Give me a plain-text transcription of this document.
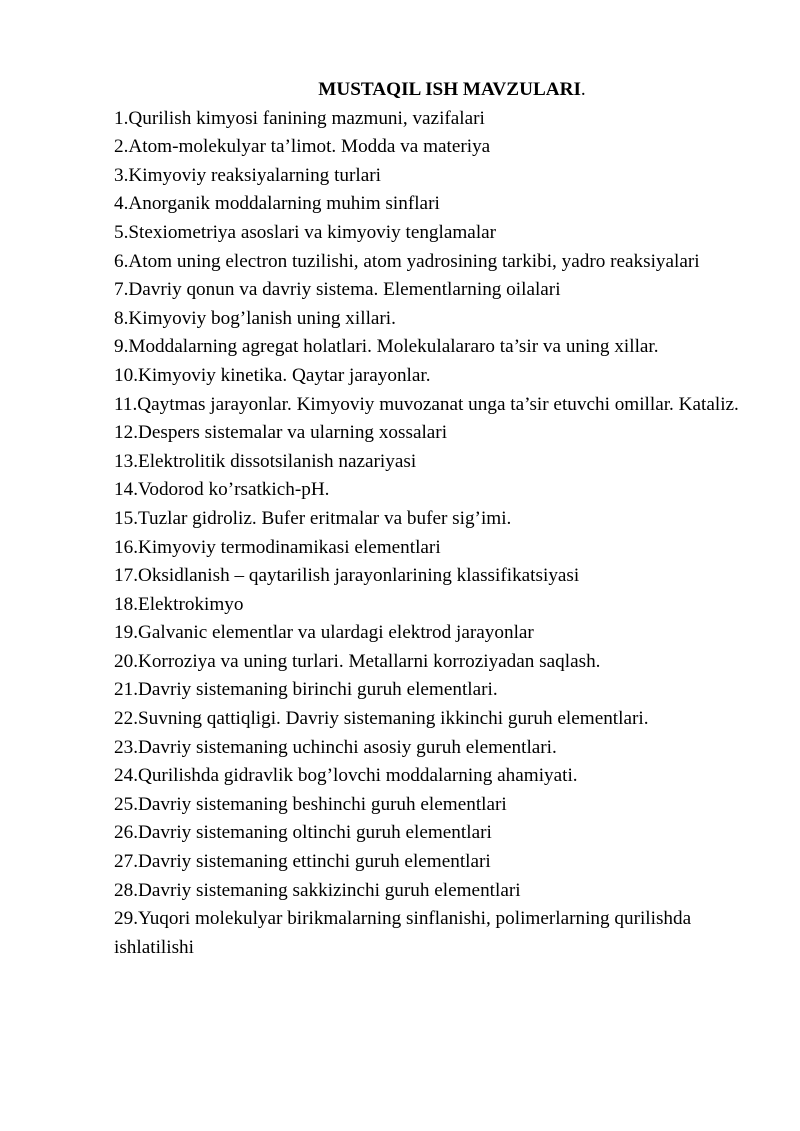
MUSTAQIL ISH MAVZULARI.

1.Qurilish kimyosi fanining mazmuni, vazifalari
2.Atom-molekulyar ta’limot. Modda va materiya
3.Kimyoviy reaksiyalarning turlari
4.Anorganik moddalarning muhim sinflari
5.Stexiometriya asoslari va kimyoviy tenglamalar
6.Atom uning electron tuzilishi, atom yadrosining tarkibi, yadro reaksiyalari
7.Davriy qonun va davriy sistema. Elementlarning oilalari
8.Kimyoviy bog’lanish uning xillari.
9.Moddalarning agregat holatlari. Molekulalararo ta’sir va uning xillar.
10.Kimyoviy kinetika. Qaytar jarayonlar.
11.Qaytmas jarayonlar. Kimyoviy muvozanat unga ta’sir etuvchi omillar. Kataliz.
12.Despers sistemalar va ularning xossalari
13.Elektrolitik dissotsilanish nazariyasi
14.Vodorod ko’rsatkich-pH.
15.Tuzlar gidroliz. Bufer eritmalar va bufer sig’imi.
16.Kimyoviy termodinamikasi elementlari
17.Oksidlanish – qaytarilish jarayonlarining klassifikatsiyasi
18.Elektrokimyo
19.Galvanic elementlar va ulardagi elektrod jarayonlar
20.Korroziya va uning turlari. Metallarni korroziyadan saqlash.
21.Davriy sistemaning birinchi guruh elementlari.
22.Suvning qattiqligi. Davriy sistemaning ikkinchi guruh elementlari.
23.Davriy sistemaning uchinchi asosiy guruh elementlari.
24.Qurilishda gidravlik bog’lovchi moddalarning ahamiyati.
25.Davriy sistemaning beshinchi guruh elementlari
26.Davriy sistemaning oltinchi guruh elementlari
27.Davriy sistemaning ettinchi guruh elementlari
28.Davriy sistemaning sakkizinchi guruh elementlari
29.Yuqori molekulyar birikmalarning sinflanishi, polimerlarning qurilishda ishlatilishi
